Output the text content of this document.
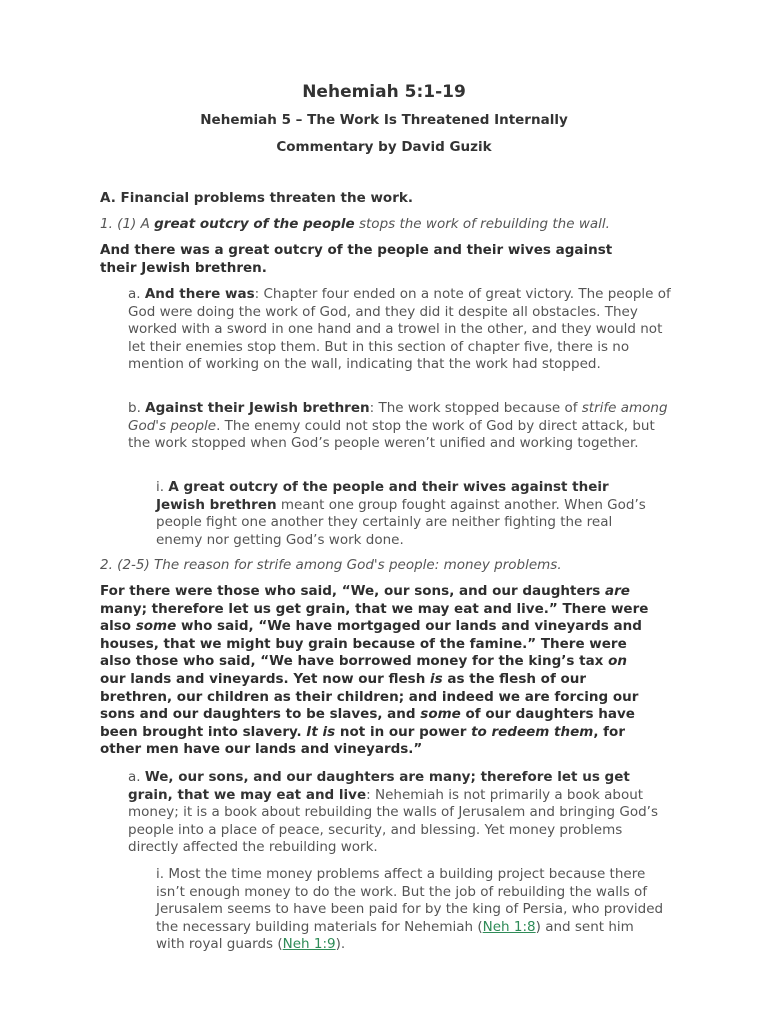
Nehemiah 5:1-19

Nehemiah 5 – The Work Is Threatened Internally

Commentary by David Guzik

A. Financial problems threaten the work.

1. (1) A great outcry of the people stops the work of rebuilding the wall.

And there was a great outcry of the people and their wives against their Jewish brethren.

a. And there was: Chapter four ended on a note of great victory. The people of God were doing the work of God, and they did it despite all obstacles. They worked with a sword in one hand and a trowel in the other, and they would not let their enemies stop them. But in this section of chapter five, there is no mention of working on the wall, indicating that the work had stopped.

b. Against their Jewish brethren: The work stopped because of strife among God's people. The enemy could not stop the work of God by direct attack, but the work stopped when God’s people weren’t unified and working together.

i. A great outcry of the people and their wives against their Jewish brethren meant one group fought against another. When God’s people fight one another they certainly are neither fighting the real enemy nor getting God’s work done.

2. (2-5) The reason for strife among God's people: money problems.

For there were those who said, “We, our sons, and our daughters are many; therefore let us get grain, that we may eat and live.” There were also some who said, “We have mortgaged our lands and vineyards and houses, that we might buy grain because of the famine.” There were also those who said, “We have borrowed money for the king’s tax on our lands and vineyards. Yet now our flesh is as the flesh of our brethren, our children as their children; and indeed we are forcing our sons and our daughters to be slaves, and some of our daughters have been brought into slavery. It is not in our power to redeem them, for other men have our lands and vineyards.”

a. We, our sons, and our daughters are many; therefore let us get grain, that we may eat and live: Nehemiah is not primarily a book about money; it is a book about rebuilding the walls of Jerusalem and bringing God’s people into a place of peace, security, and blessing. Yet money problems directly affected the rebuilding work.

i. Most the time money problems affect a building project because there isn’t enough money to do the work. But the job of rebuilding the walls of Jerusalem seems to have been paid for by the king of Persia, who provided the necessary building materials for Nehemiah (Neh 1:8) and sent him with royal guards (Neh 1:9).
